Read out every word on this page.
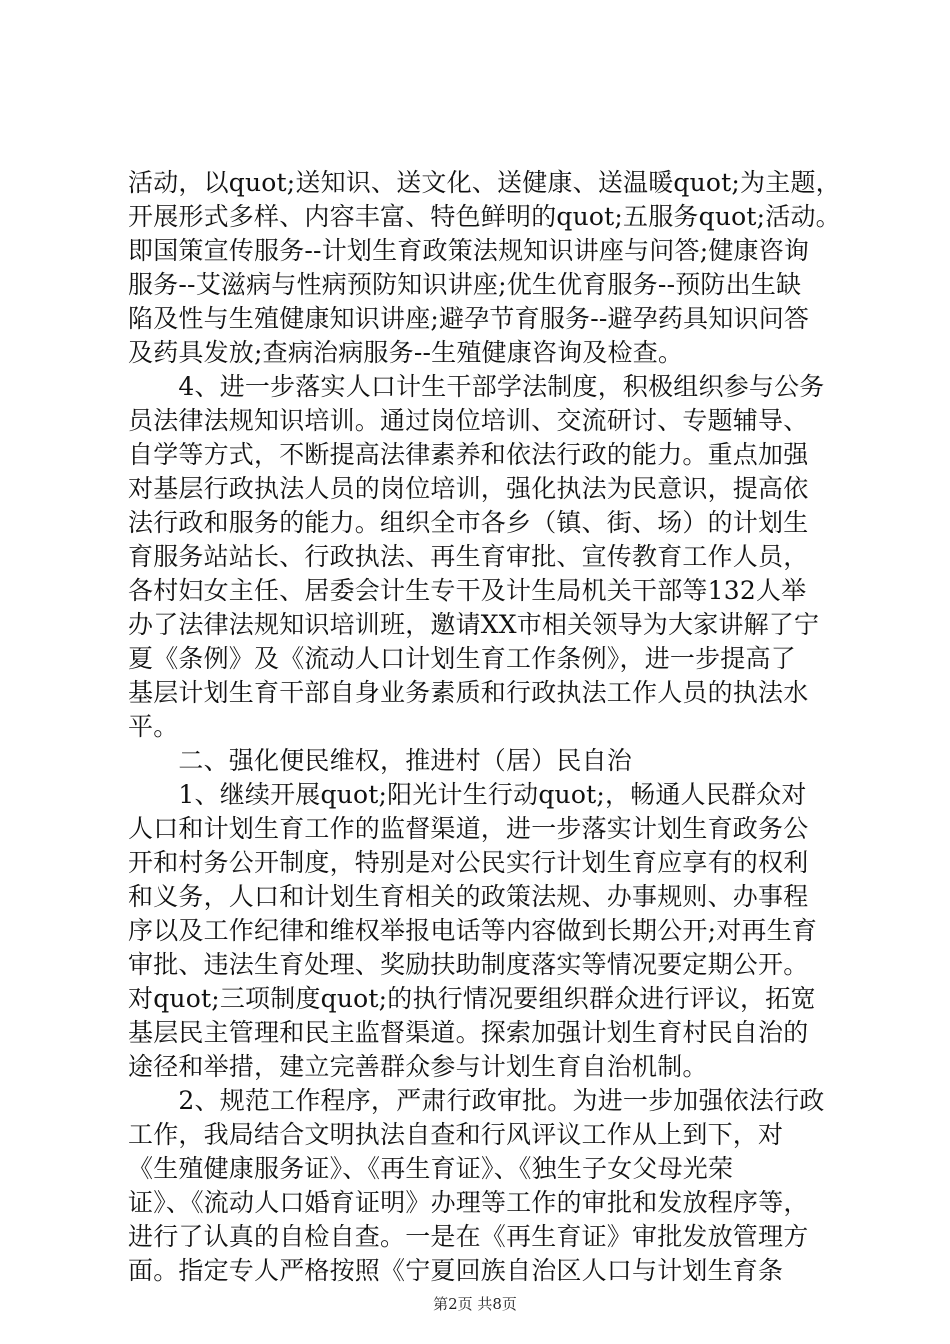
活动，以quot;送知识、送文化、送健康、送温暖quot;为主题，
开展形式多样、内容丰富、特色鲜明的quot;五服务quot;活动。
即国策宣传服务--计划生育政策法规知识讲座与问答;健康咨询
服务--艾滋病与性病预防知识讲座;优生优育服务--预防出生缺
陷及性与生殖健康知识讲座;避孕节育服务--避孕药具知识问答
及药具发放;查病治病服务--生殖健康咨询及检查。
　　4、进一步落实人口计生干部学法制度，积极组织参与公务
员法律法规知识培训。通过岗位培训、交流研讨、专题辅导、
自学等方式，不断提高法律素养和依法行政的能力。重点加强
对基层行政执法人员的岗位培训，强化执法为民意识，提高依
法行政和服务的能力。组织全市各乡（镇、街、场）的计划生
育服务站站长、行政执法、再生育审批、宣传教育工作人员，
各村妇女主任、居委会计生专干及计生局机关干部等132人举
办了法律法规知识培训班，邀请XX市相关领导为大家讲解了宁
夏《条例》及《流动人口计划生育工作条例》，进一步提高了
基层计划生育干部自身业务素质和行政执法工作人员的执法水
平。
　　二、强化便民维权，推进村（居）民自治
　　1、继续开展quot;阳光计生行动quot;，畅通人民群众对
人口和计划生育工作的监督渠道，进一步落实计划生育政务公
开和村务公开制度，特别是对公民实行计划生育应享有的权利
和义务，人口和计划生育相关的政策法规、办事规则、办事程
序以及工作纪律和维权举报电话等内容做到长期公开;对再生育
审批、违法生育处理、奖励扶助制度落实等情况要定期公开。
对quot;三项制度quot;的执行情况要组织群众进行评议，拓宽
基层民主管理和民主监督渠道。探索加强计划生育村民自治的
途径和举措，建立完善群众参与计划生育自治机制。
　　2、规范工作程序，严肃行政审批。为进一步加强依法行政
工作，我局结合文明执法自查和行风评议工作从上到下，对
《生殖健康服务证》、《再生育证》、《独生子女父母光荣
证》、《流动人口婚育证明》办理等工作的审批和发放程序等，
进行了认真的自检自查。一是在《再生育证》审批发放管理方
面。指定专人严格按照《宁夏回族自治区人口与计划生育条
第2页 共8页
